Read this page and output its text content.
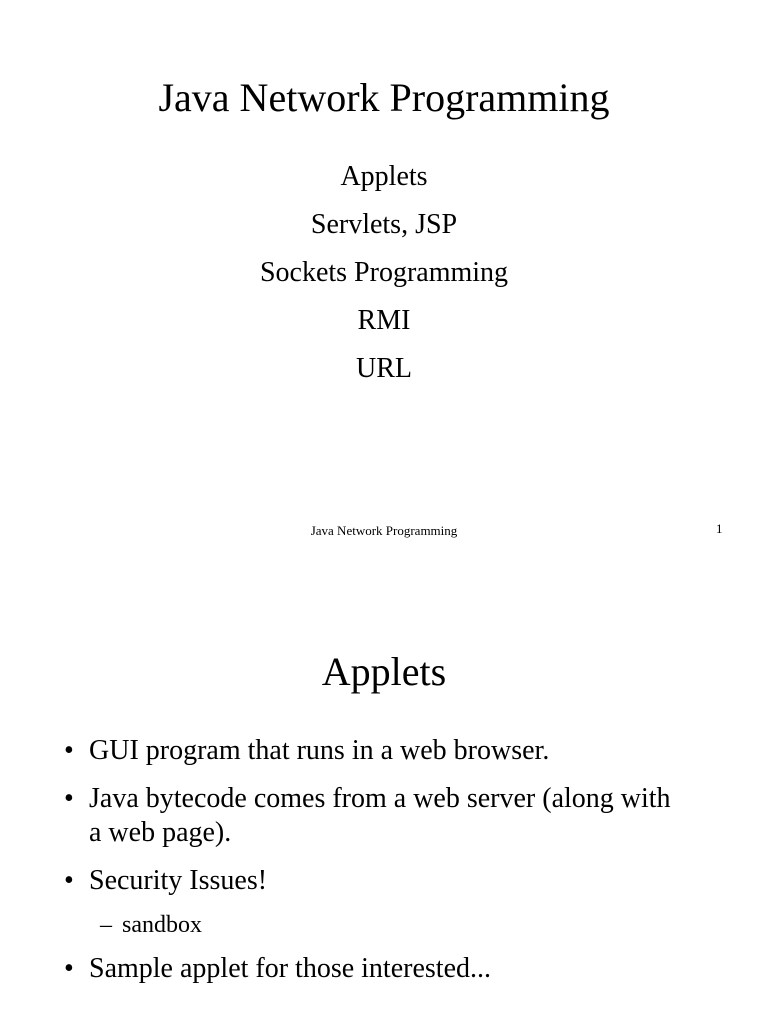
Java Network Programming
Applets
Servlets, JSP
Sockets Programming
RMI
URL
Java Network Programming	1
Applets
• GUI program that runs in a web browser.
• Java bytecode comes from a web server (along with a web page).
• Security Issues!
– sandbox
• Sample applet for those interested...
